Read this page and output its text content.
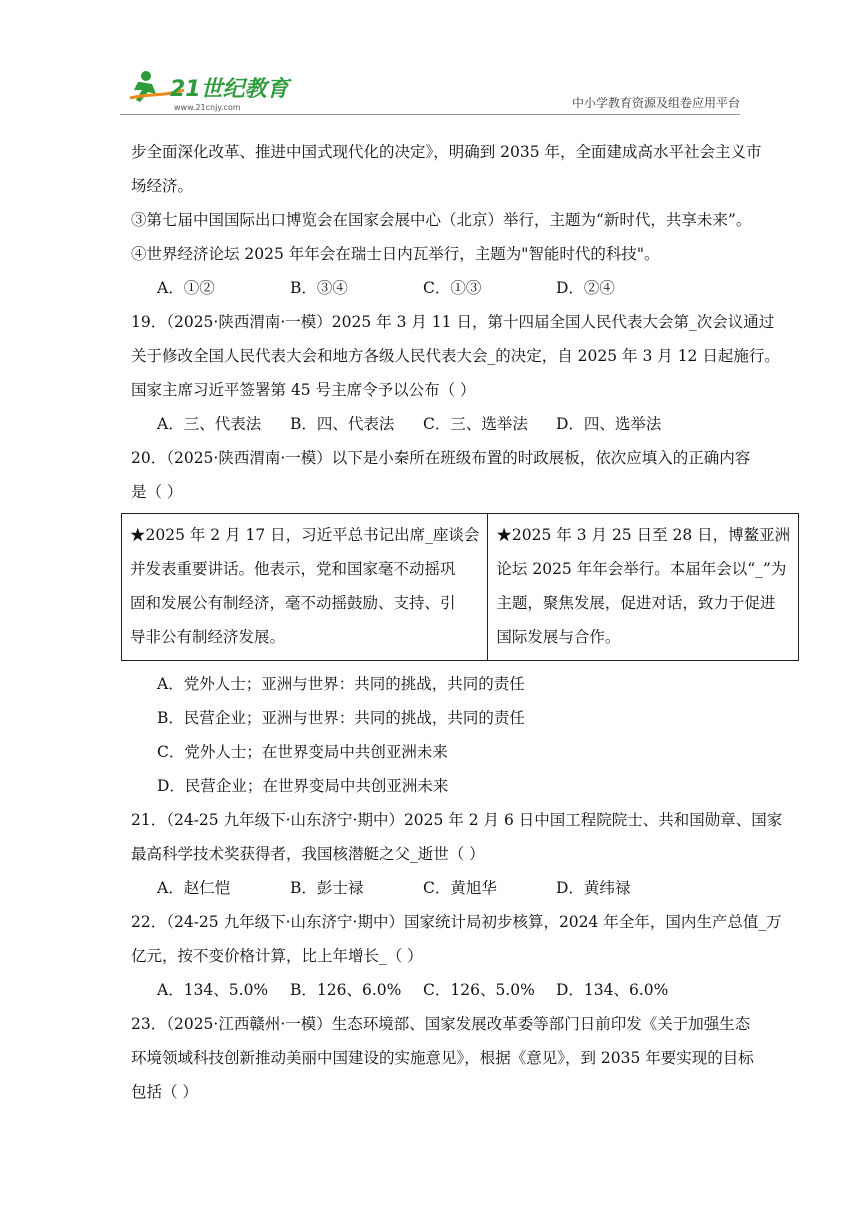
21世纪教育
www.21cnjy.com	中小学教育资源及组卷应用平台
步全面深化改革、推进中国式现代化的决定》，明确到 2035 年，全面建成高水平社会主义市
场经济。
③第七届中国国际出口博览会在国家会展中心（北京）举行，主题为“新时代，共享未来”。
④世界经济论坛 2025 年年会在瑞士日内瓦举行，主题为"智能时代的科技"。
A．①②	B．③④	C．①③	D．②④
19．（2025·陕西渭南·一模）2025 年 3 月 11 日，第十四届全国人民代表大会第_次会议通过
关于修改全国人民代表大会和地方各级人民代表大会_的决定，自 2025 年 3 月 12 日起施行。
国家主席习近平签署第 45 号主席令予以公布（ ）
A．三、代表法 B．四、代表法 C．三、选举法 D．四、选举法
20．（2025·陕西渭南·一模）以下是小秦所在班级布置的时政展板，依次应填入的正确内容
是（ ）
★2025 年 2 月 17 日，习近平总书记出席_座谈会
并发表重要讲话。他表示，党和国家毫不动摇巩
固和发展公有制经济，毫不动摇鼓励、支持、引
导非公有制经济发展。

★2025 年 3 月 25 日至 28 日，博鳌亚洲
论坛 2025 年年会举行。本届年会以“_”为
主题，聚焦发展，促进对话，致力于促进
国际发展与合作。
A．党外人士；亚洲与世界：共同的挑战，共同的责任
B．民营企业；亚洲与世界：共同的挑战，共同的责任
C．党外人士；在世界变局中共创亚洲未来
D．民营企业；在世界变局中共创亚洲未来
21．（24-25 九年级下·山东济宁·期中）2025 年 2 月 6 日中国工程院院士、共和国勋章、国家
最高科学技术奖获得者，我国核潜艇之父_逝世（ ）
A．赵仁恺	B．彭士禄	C．黄旭华	D．黄纬禄
22．（24-25 九年级下·山东济宁·期中）国家统计局初步核算，2024 年全年，国内生产总值_万
亿元，按不变价格计算，比上年增长_（ ）
A．134、5.0% B．126、6.0% C．126、5.0% D．134、6.0%
23．（2025·江西赣州·一模）生态环境部、国家发展改革委等部门日前印发《关于加强生态
环境领域科技创新推动美丽中国建设的实施意见》，根据《意见》，到 2035 年要实现的目标
包括（ ）
